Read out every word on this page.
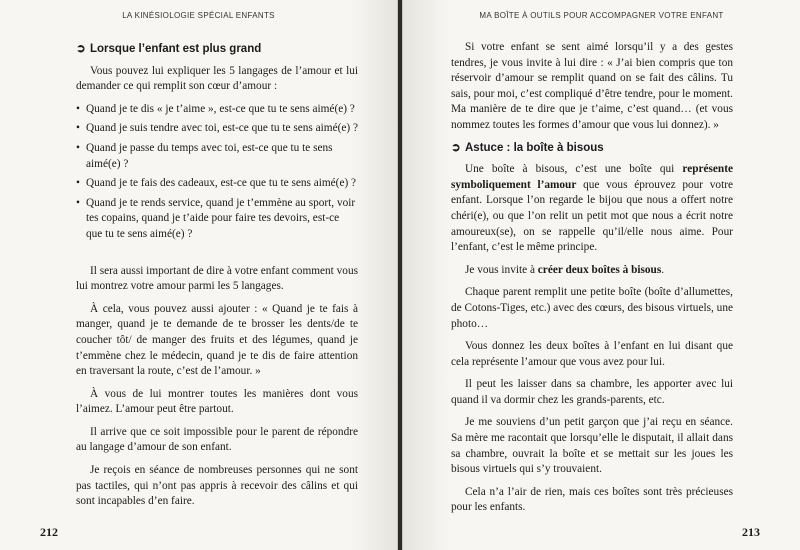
LA KINÉSIOLOGIE SPÉCIAL ENFANTS
➲ Lorsque l’enfant est plus grand

Vous pouvez lui expliquer les 5 langages de l’amour et lui demander ce qui remplit son cœur d’amour :

• Quand je te dis « je t’aime », est-ce que tu te sens aimé(e) ?
• Quand je suis tendre avec toi, est-ce que tu te sens aimé(e) ?
• Quand je passe du temps avec toi, est-ce que tu te sens aimé(e) ?
• Quand je te fais des cadeaux, est-ce que tu te sens aimé(e) ?
• Quand je te rends service, quand je t’emmène au sport, voir tes copains, quand je t’aide pour faire tes devoirs, est-ce que tu te sens aimé(e) ?

Il sera aussi important de dire à votre enfant comment vous lui montrez votre amour parmi les 5 langages.

À cela, vous pouvez aussi ajouter : « Quand je te fais à manger, quand je te demande de te brosser les dents/de te coucher tôt/ de manger des fruits et des légumes, quand je t’emmène chez le médecin, quand je te dis de faire attention en traversant la route, c’est de l’amour. »

À vous de lui montrer toutes les manières dont vous l’aimez. L’amour peut être partout.

Il arrive que ce soit impossible pour le parent de répondre au langage d’amour de son enfant.

Je reçois en séance de nombreuses personnes qui ne sont pas tactiles, qui n’ont pas appris à recevoir des câlins et qui sont incapables d’en faire.

212
MA BOÎTE À OUTILS POUR ACCOMPAGNER VOTRE ENFANT

Si votre enfant se sent aimé lorsqu’il y a des gestes tendres, je vous invite à lui dire : « J’ai bien compris que ton réservoir d’amour se remplit quand on se fait des câlins. Tu sais, pour moi, c’est compliqué d’être tendre, pour le moment. Ma manière de te dire que je t’aime, c’est quand… (et vous nommez toutes les formes d’amour que vous lui donnez). »

➲ Astuce : la boîte à bisous

Une boîte à bisous, c’est une boîte qui représente symboliquement l’amour que vous éprouvez pour votre enfant. Lorsque l’on regarde le bijou que nous a offert notre chéri(e), ou que l’on relit un petit mot que nous a écrit notre amoureux(se), on se rappelle qu’il/elle nous aime. Pour l’enfant, c’est le même principe.

Je vous invite à créer deux boîtes à bisous.

Chaque parent remplit une petite boîte (boîte d’allumettes, de Cotons-Tiges, etc.) avec des cœurs, des bisous virtuels, une photo…

Vous donnez les deux boîtes à l’enfant en lui disant que cela représente l’amour que vous avez pour lui.

Il peut les laisser dans sa chambre, les apporter avec lui quand il va dormir chez les grands-parents, etc.

Je me souviens d’un petit garçon que j’ai reçu en séance. Sa mère me racontait que lorsqu’elle le disputait, il allait dans sa chambre, ouvrait la boîte et se mettait sur les joues les bisous virtuels qui s’y trouvaient.

Cela n’a l’air de rien, mais ces boîtes sont très précieuses pour les enfants.

213
